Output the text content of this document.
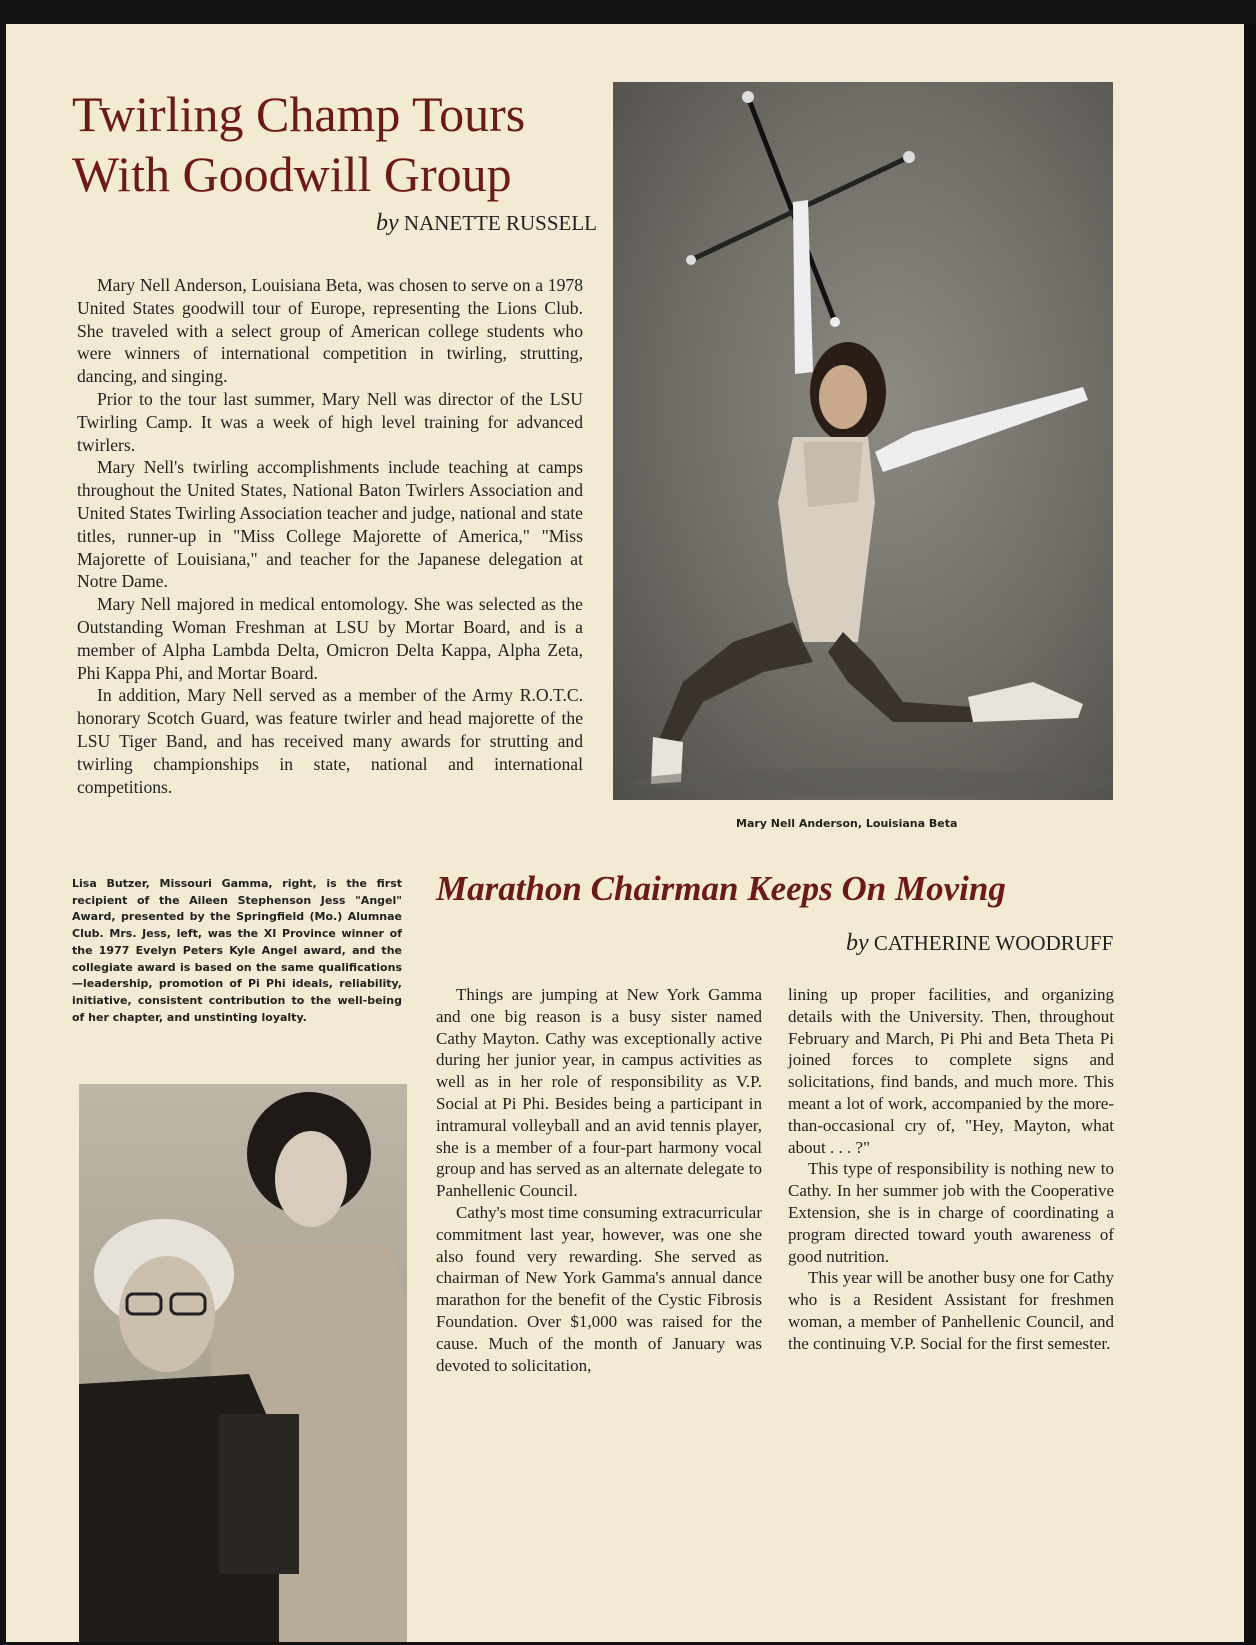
Twirling Champ Tours
With Goodwill Group
by NANETTE RUSSELL

Mary Nell Anderson, Louisiana Beta, was chosen to serve on a 1978 United States goodwill tour of Europe, representing the Lions Club. She traveled with a select group of American college students who were winners of international competition in twirling, strutting, dancing, and singing.

Prior to the tour last summer, Mary Nell was director of the LSU Twirling Camp. It was a week of high level training for advanced twirlers.

Mary Nell's twirling accomplishments include teaching at camps throughout the United States, National Baton Twirlers Association and United States Twirling Association teacher and judge, national and state titles, runner-up in "Miss College Majorette of America," "Miss Majorette of Louisiana," and teacher for the Japanese delegation at Notre Dame.

Mary Nell majored in medical entomology. She was selected as the Outstanding Woman Freshman at LSU by Mortar Board, and is a member of Alpha Lambda Delta, Omicron Delta Kappa, Alpha Zeta, Phi Kappa Phi, and Mortar Board.

In addition, Mary Nell served as a member of the Army R.O.T.C. honorary Scotch Guard, was feature twirler and head majorette of the LSU Tiger Band, and has received many awards for strutting and twirling championships in state, national and international competitions.

Mary Nell Anderson, Louisiana Beta
Lisa Butzer, Missouri Gamma, right, is the first recipient of the Aileen Stephenson Jess "Angel" Award, presented by the Springfield (Mo.) Alumnae Club. Mrs. Jess, left, was the XI Province winner of the 1977 Evelyn Peters Kyle Angel award, and the collegiate award is based on the same qualifications—leadership, promotion of Pi Phi ideals, reliability, initiative, consistent contribution to the well-being of her chapter, and unstinting loyalty.
Marathon Chairman Keeps On Moving
by CATHERINE WOODRUFF

Things are jumping at New York Gamma and one big reason is a busy sister named Cathy Mayton. Cathy was exceptionally active during her junior year, in campus activities as well as in her role of responsibility as V.P. Social at Pi Phi. Besides being a participant in intramural volleyball and an avid tennis player, she is a member of a four-part harmony vocal group and has served as an alternate delegate to Panhellenic Council.

Cathy's most time consuming extracurricular commitment last year, however, was one she also found very rewarding. She served as chairman of New York Gamma's annual dance marathon for the benefit of the Cystic Fibrosis Foundation. Over $1,000 was raised for the cause. Much of the month of January was devoted to solicitation,

lining up proper facilities, and organizing details with the University. Then, throughout February and March, Pi Phi and Beta Theta Pi joined forces to complete signs and solicitations, find bands, and much more. This meant a lot of work, accompanied by the more-than-occasional cry of, "Hey, Mayton, what about . . . ?"

This type of responsibility is nothing new to Cathy. In her summer job with the Cooperative Extension, she is in charge of coordinating a program directed toward youth awareness of good nutrition.

This year will be another busy one for Cathy who is a Resident Assistant for freshmen woman, a member of Panhellenic Council, and the continuing V.P. Social for the first semester.
